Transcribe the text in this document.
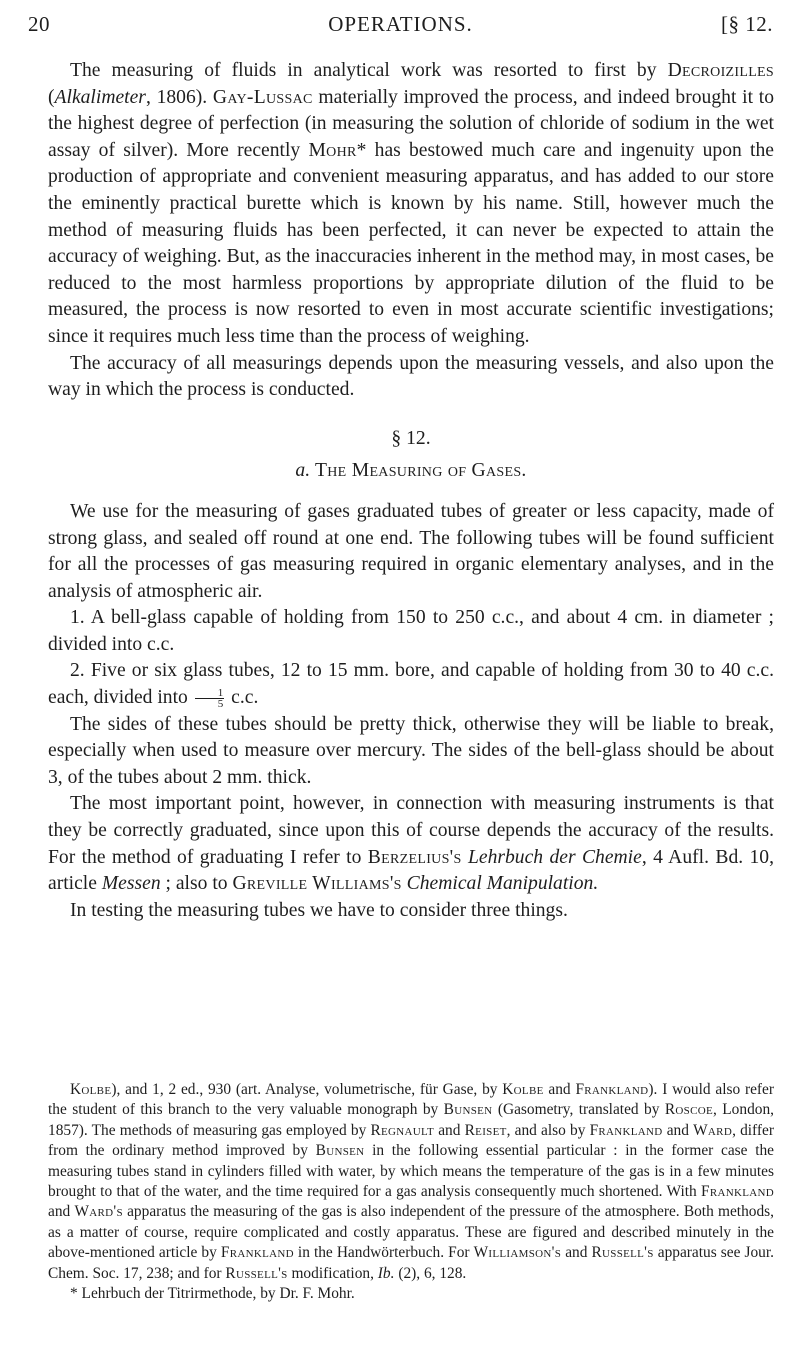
20	OPERATIONS.	[§ 12.

The measuring of fluids in analytical work was resorted to first by Decroizilles (Alkalimeter, 1806). Gay-Lussac materially improved the process, and indeed brought it to the highest degree of perfection (in measuring the solution of chloride of sodium in the wet assay of silver). More recently Mohr* has bestowed much care and ingenuity upon the production of appropriate and convenient measuring apparatus, and has added to our store the eminently practical burette which is known by his name. Still, however much the method of measuring fluids has been perfected, it can never be expected to attain the accuracy of weighing. But, as the inaccuracies inherent in the method may, in most cases, be reduced to the most harmless proportions by appropriate dilution of the fluid to be measured, the process is now resorted to even in most accurate scientific investigations; since it requires much less time than the process of weighing.

The accuracy of all measurings depends upon the measuring vessels, and also upon the way in which the process is conducted.

§ 12.
a. The Measuring of Gases.

We use for the measuring of gases graduated tubes of greater or less capacity, made of strong glass, and sealed off round at one end. The following tubes will be found sufficient for all the processes of gas measuring required in organic elementary analyses, and in the analysis of atmospheric air.

1. A bell-glass capable of holding from 150 to 250 c.c., and about 4 cm. in diameter ; divided into c.c.

2. Five or six glass tubes, 12 to 15 mm. bore, and capable of holding from 30 to 40 c.c. each, divided into $\frac{1}{5} c.c$.

The sides of these tubes should be pretty thick, otherwise they will be liable to break, especially when used to measure over mercury. The sides of the bell-glass should be about 3, of the tubes about 2 mm. thick.

The most important point, however, in connection with measuring instruments is that they be correctly graduated, since upon this of course depends the accuracy of the results. For the method of graduating I refer to Berzelius's Lehrbuch der Chemie, 4 Aufl. Bd. 10, article Messen ; also to Greville Williams's Chemical Manipulation.

In testing the measuring tubes we have to consider three things.

Kolbe), and 1, 2 ed., 930 (art. Analyse, volumetrische, für Gase, by Kolbe and Frankland). I would also refer the student of this branch to the very valuable monograph by Bunsen (Gasometry, translated by Roscoe, London, 1857). The methods of measuring gas employed by Regnault and Reiset, and also by Frankland and Ward, differ from the ordinary method improved by Bunsen in the following essential particular : in the former case the measuring tubes stand in cylinders filled with water, by which means the temperature of the gas is in a few minutes brought to that of the water, and the time required for a gas analysis consequently much shortened. With Frankland and Ward's apparatus the measuring of the gas is also independent of the pressure of the atmosphere. Both methods, as a matter of course, require complicated and costly apparatus. These are figured and described minutely in the above-mentioned article by Frankland in the Handwörterbuch. For Williamson's and Russell's apparatus see Jour. Chem. Soc. 17, 238; and for Russell's modification, Ib. (2), 6, 128.

* Lehrbuch der Titrirmethode, by Dr. F. Mohr.
